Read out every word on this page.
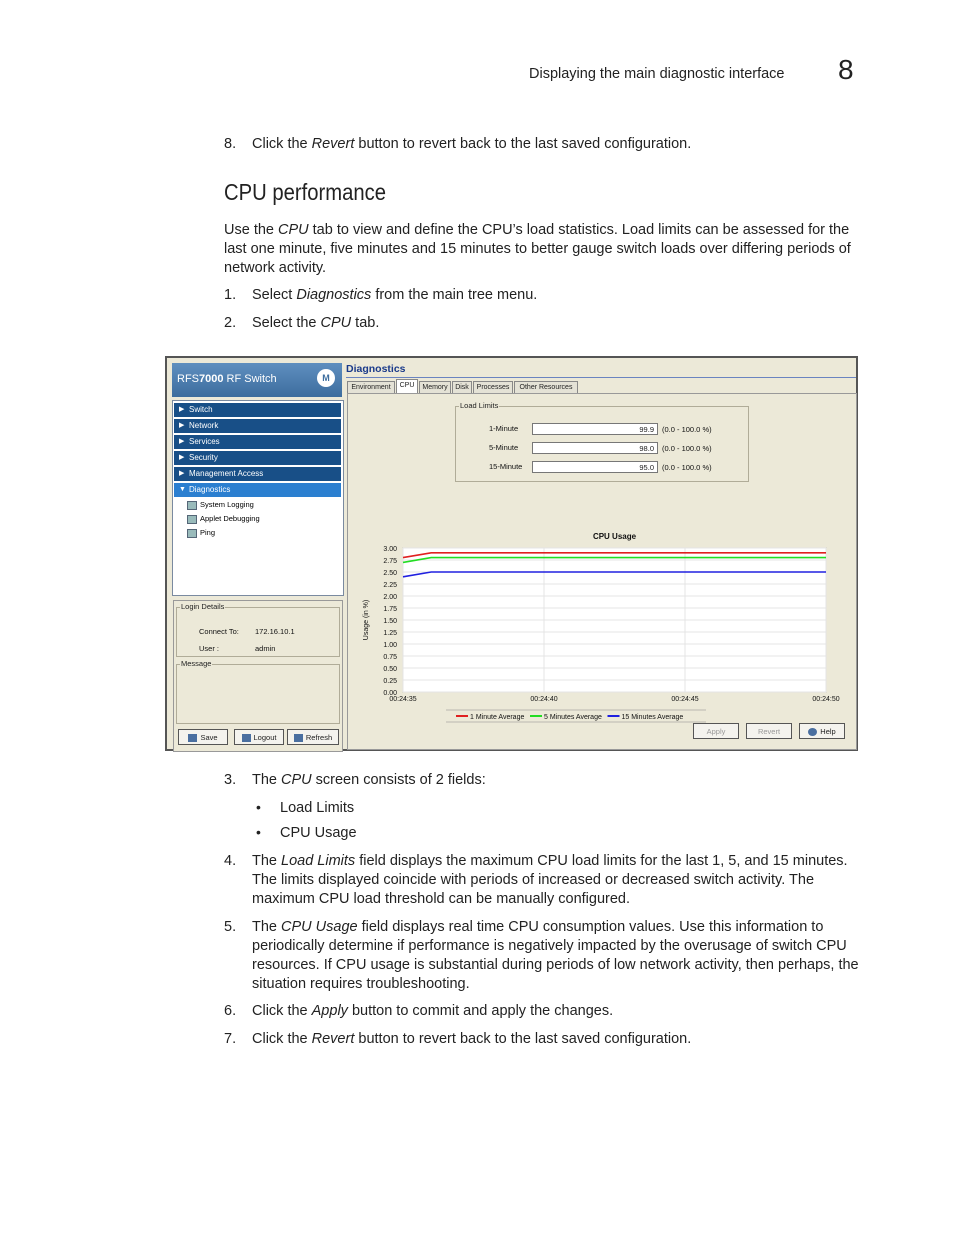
Displaying the main diagnostic interface 8
8. Click the Revert button to revert back to the last saved configuration.
CPU performance
Use the CPU tab to view and define the CPU’s load statistics. Load limits can be assessed for the last one minute, five minutes and 15 minutes to better gauge switch loads over differing periods of network activity.
1. Select Diagnostics from the main tree menu.
2. Select the CPU tab.
RFS7000 RF Switch	M
▶ Switch
▶ Network
▶ Services
▶ Security
▶ Management Access
▼ Diagnostics
System Logging
Applet Debugging
Ping
Login Details
Connect To: 172.16.10.1
User :	admin
Message
Save	Logout	Refresh
Diagnostics
Environment	CPU	Memory	Disk	Processes	Other Resources
Load Limits
1-Minute	99.9	(0.0 - 100.0 %)
5-Minute	98.0	(0.0 - 100.0 %)
15-Minute	95.0	(0.0 - 100.0 %)
0.00
0.25
0.50
0.75
1.00
1.25
1.50
1.75
2.00
2.25
2.50
2.75
3.00
00:24:35	00:24:40	00:24:45	00:24:50
CPU Usage
Usage (in %)
1 Minute Average	5 Minutes Average	15 Minutes Average
Apply	Revert	Help
3. The CPU screen consists of 2 fields:
• Load Limits
• CPU Usage
4. The Load Limits field displays the maximum CPU load limits for the last 1, 5, and 15 minutes. The limits displayed coincide with periods of increased or decreased switch activity. The maximum CPU load threshold can be manually configured.
5. The CPU Usage field displays real time CPU consumption values. Use this information to periodically determine if performance is negatively impacted by the overusage of switch CPU resources. If CPU usage is substantial during periods of low network activity, then perhaps, the situation requires troubleshooting.
6. Click the Apply button to commit and apply the changes.
7. Click the Revert button to revert back to the last saved configuration.
